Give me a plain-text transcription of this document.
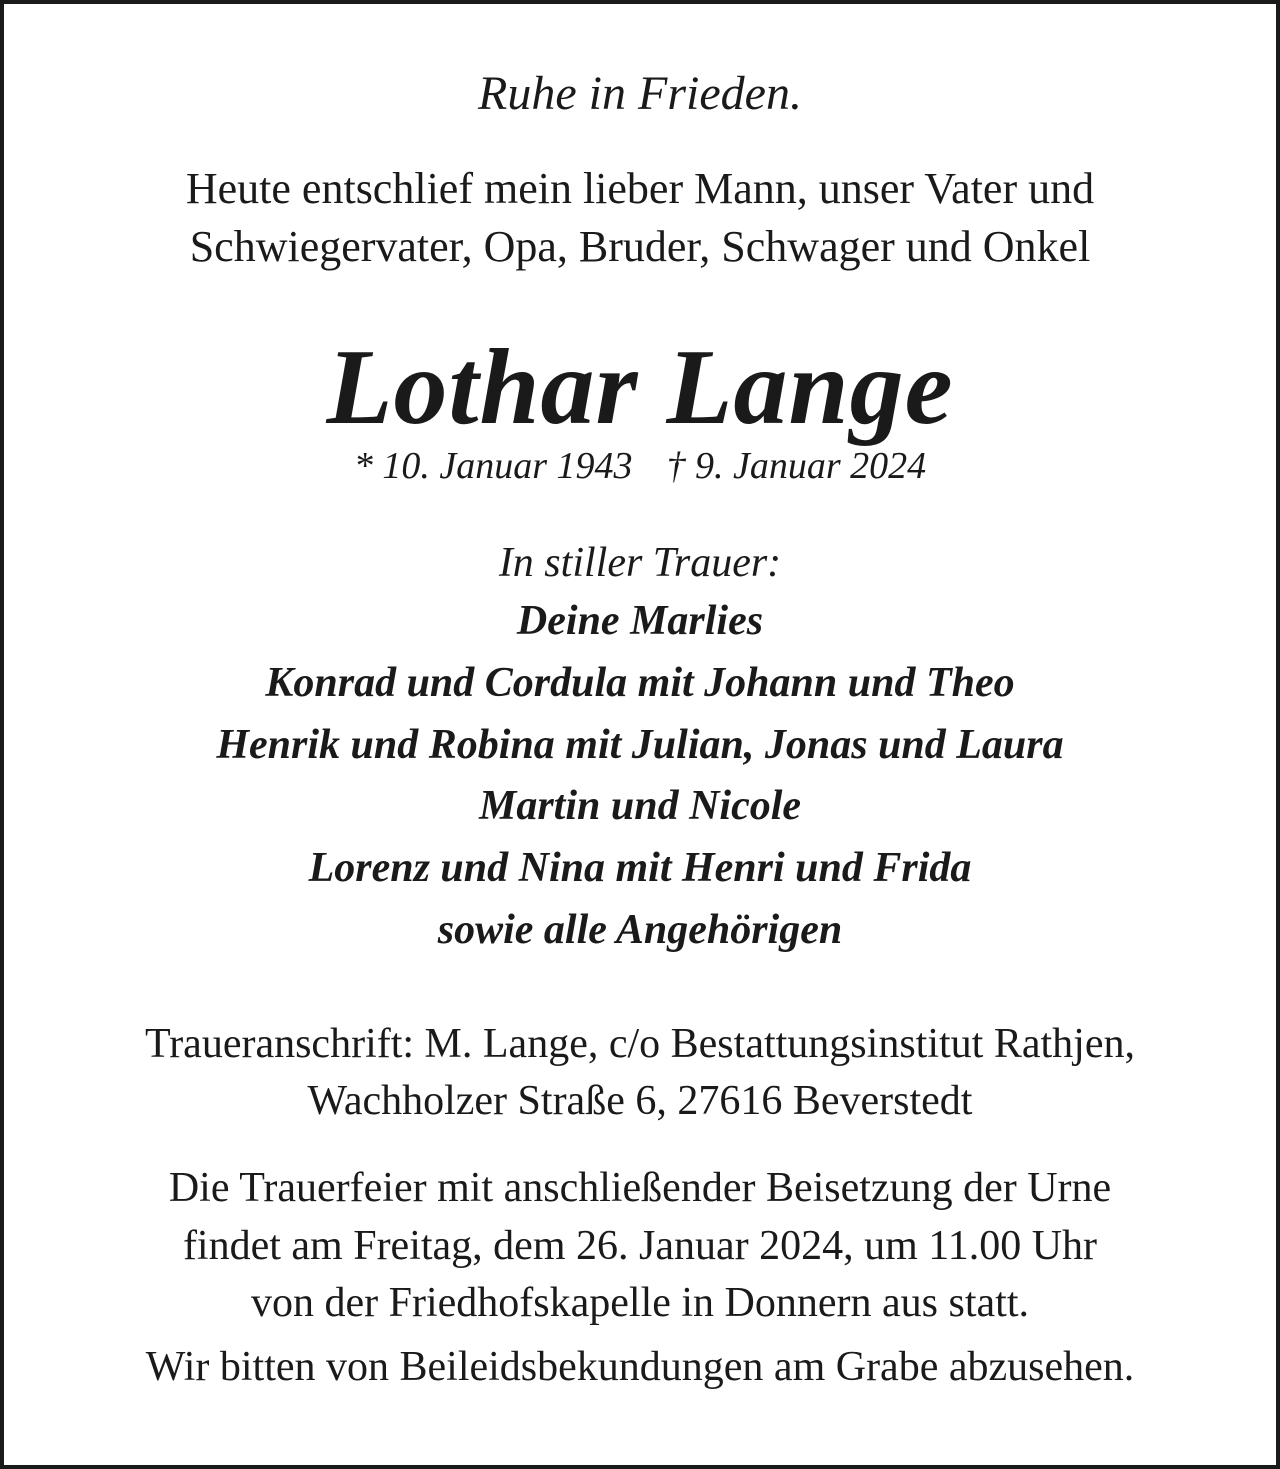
Ruhe in Frieden.

Heute entschlief mein lieber Mann, unser Vater und

Schwiegervater, Opa, Bruder, Schwager und Onkel

Lothar Lange

* 10. Januar 1943 † 9. Januar 2024

In stiller Trauer:

Deine Marlies

Konrad und Cordula mit Johann und Theo

Henrik und Robina mit Julian, Jonas und Laura

Martin und Nicole

Lorenz und Nina mit Henri und Frida

sowie alle Angehörigen

Traueranschrift: M. Lange, c/o Bestattungsinstitut Rathjen,

Wachholzer Straße 6, 27616 Beverstedt

Die Trauerfeier mit anschließender Beisetzung der Urne

findet am Freitag, dem 26. Januar 2024, um 11.00 Uhr

von der Friedhofskapelle in Donnern aus statt.

Wir bitten von Beileidsbekundungen am Grabe abzusehen.
